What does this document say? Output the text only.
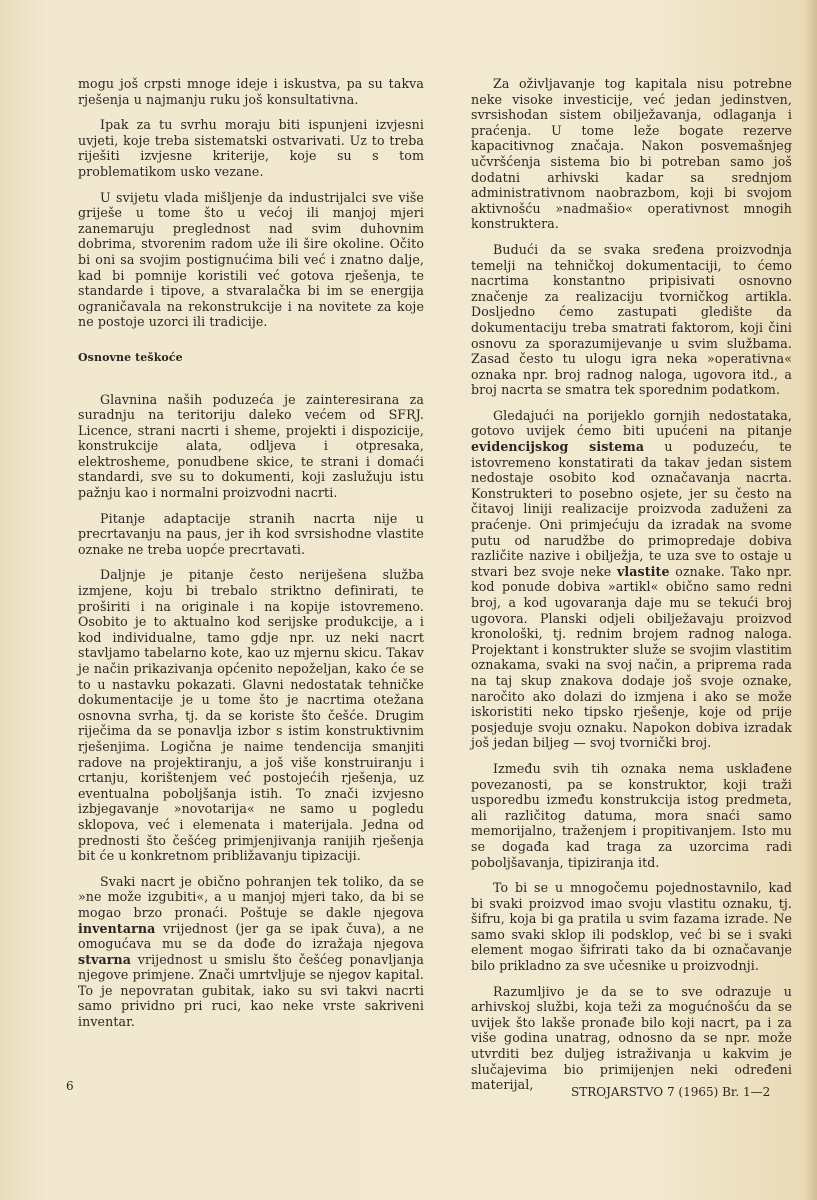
mogu još crpsti mnoge ideje i iskustva, pa su takva rješenja u najmanju ruku još konsultativna.

Ipak za tu svrhu moraju biti ispunjeni izvjesni uvjeti, koje treba sistematski ostvarivati. Uz to treba riješiti izvjesne kriterije, koje su s tom problematikom usko vezane.

U svijetu vlada mišljenje da industrijalci sve više griješe u tome što u većoj ili manjoj mjeri zanemaruju preglednost nad svim duhovnim dobrima, stvorenim radom uže ili šire okoline. Očito bi oni sa svojim postignućima bili već i znatno dalje, kad bi pomnije koristili već gotova rješenja, te standarde i tipove, a stvaralačka bi im se energija ograničavala na rekonstrukcije i na novitete za koje ne postoje uzorci ili tradicije.

Osnovne teškoće

Glavnina naših poduzeća je zainteresirana za suradnju na teritoriju daleko većem od SFRJ. Licence, strani nacrti i sheme, projekti i dispozicije, konstrukcije alata, odljeva i otpresaka, elektrosheme, ponudbene skice, te strani i domaći standardi, sve su to dokumenti, koji zaslužuju istu pažnju kao i normalni proizvodni nacrti.

Pitanje adaptacije stranih nacrta nije u precrtavanju na paus, jer ih kod svrsishodne vlastite oznake ne treba uopće precrtavati.

Daljnje je pitanje često neriješena služba izmjene, koju bi trebalo striktno definirati, te proširiti i na originale i na kopije istovremeno. Osobito je to aktualno kod serijske produkcije, a i kod individualne, tamo gdje npr. uz neki nacrt stavljamo tabelarno kote, kao uz mjernu skicu. Takav je način prikazivanja općenito nepoželjan, kako će se to u nastavku pokazati. Glavni nedostatak tehničke dokumentacije je u tome što je nacrtima otežana osnovna svrha, tj. da se koriste što češće. Drugim riječima da se ponavlja izbor s istim konstruktivnim rješenjima. Logična je naime tendencija smanjiti radove na projektiranju, a još više konstruiranju i crtanju, korištenjem već postojećih rješenja, uz eventualna poboljšanja istih. To znači izvjesno izbjegavanje »novotarija« ne samo u pogledu sklopova, već i elemenata i materijala. Jedna od prednosti što češćeg primjenjivanja ranijih rješenja bit će u konkretnom približavanju tipizaciji.

Svaki nacrt je obično pohranjen tek toliko, da se »ne može izgubiti«, a u manjoj mjeri tako, da bi se mogao brzo pronaći. Poštuje se dakle njegova inventarna vrijednost (jer ga se ipak čuva), a ne omogućava mu se da dođe do izražaja njegova stvarna vrijednost u smislu što češćeg ponavljanja njegove primjene. Znači umrtvljuje se njegov kapital. To je nepovratan gubitak, iako su svi takvi nacrti samo prividno pri ruci, kao neke vrste sakriveni inventar.

Za oživljavanje tog kapitala nisu potrebne neke visoke investicije, već jedan jedinstven, svrsishodan sistem obilježavanja, odlaganja i praćenja. U tome leže bogate rezerve kapacitivnog značaja. Nakon posvemašnjeg učvršćenja sistema bio bi potreban samo još dodatni arhivski kadar sa srednjom administrativnom naobrazbom, koji bi svojom aktivnošću »nadmašio« operativnost mnogih konstruktera.

Budući da se svaka sređena proizvodnja temelji na tehničkoj dokumentaciji, to ćemo nacrtima konstantno pripisivati osnovno značenje za realizaciju tvorničkog artikla. Dosljedno ćemo zastupati gledište da dokumentaciju treba smatrati faktorom, koji čini osnovu za sporazumijevanje u svim službama. Zasad često tu ulogu igra neka »operativna« oznaka npr. broj radnog naloga, ugovora itd., a broj nacrta se smatra tek sporednim podatkom.

Gledajući na porijeklo gornjih nedostataka, gotovo uvijek ćemo biti upućeni na pitanje evidencijskog sistema u poduzeću, te istovremeno konstatirati da takav jedan sistem nedostaje osobito kod označavanja nacrta. Konstrukteri to posebno osjete, jer su često na čitavoj liniji realizacije proizvoda zaduženi za praćenje. Oni primjećuju da izradak na svome putu od narudžbe do primopredaje dobiva različite nazive i obilježja, te uza sve to ostaje u stvari bez svoje neke vlastite oznake. Tako npr. kod ponude dobiva »artikl« obično samo redni broj, a kod ugovaranja daje mu se tekući broj ugovora. Planski odjeli obilježavaju proizvod kronološki, tj. rednim brojem radnog naloga. Projektant i konstrukter služe se svojim vlastitim oznakama, svaki na svoj način, a priprema rada na taj skup znakova dodaje još svoje oznake, naročito ako dolazi do izmjena i ako se može iskoristiti neko tipsko rješenje, koje od prije posjeduje svoju oznaku. Napokon dobiva izradak još jedan biljeg — svoj tvornički broj.

Između svih tih oznaka nema usklađene povezanosti, pa se konstruktor, koji traži usporedbu između konstrukcija istog predmeta, ali različitog datuma, mora snaći samo memorijalno, traženjem i propitivanjem. Isto mu se događa kad traga za uzorcima radi poboljšavanja, tipiziranja itd.

To bi se u mnogočemu pojednostavnilo, kad bi svaki proizvod imao svoju vlastitu oznaku, tj. šifru, koja bi ga pratila u svim fazama izrade. Ne samo svaki sklop ili podsklop, već bi se i svaki element mogao šifrirati tako da bi označavanje bilo prikladno za sve učesnike u proizvodnji.

Razumljivo je da se to sve odrazuje u arhivskoj službi, koja teži za mogućnošću da se uvijek što lakše pronađe bilo koji nacrt, pa i za više godina unatrag, odnosno da se npr. može utvrditi bez duljeg istraživanja u kakvim je slučajevima bio primijenjen neki određeni materijal,

6	STROJARSTVO 7 (1965) Br. 1—2
